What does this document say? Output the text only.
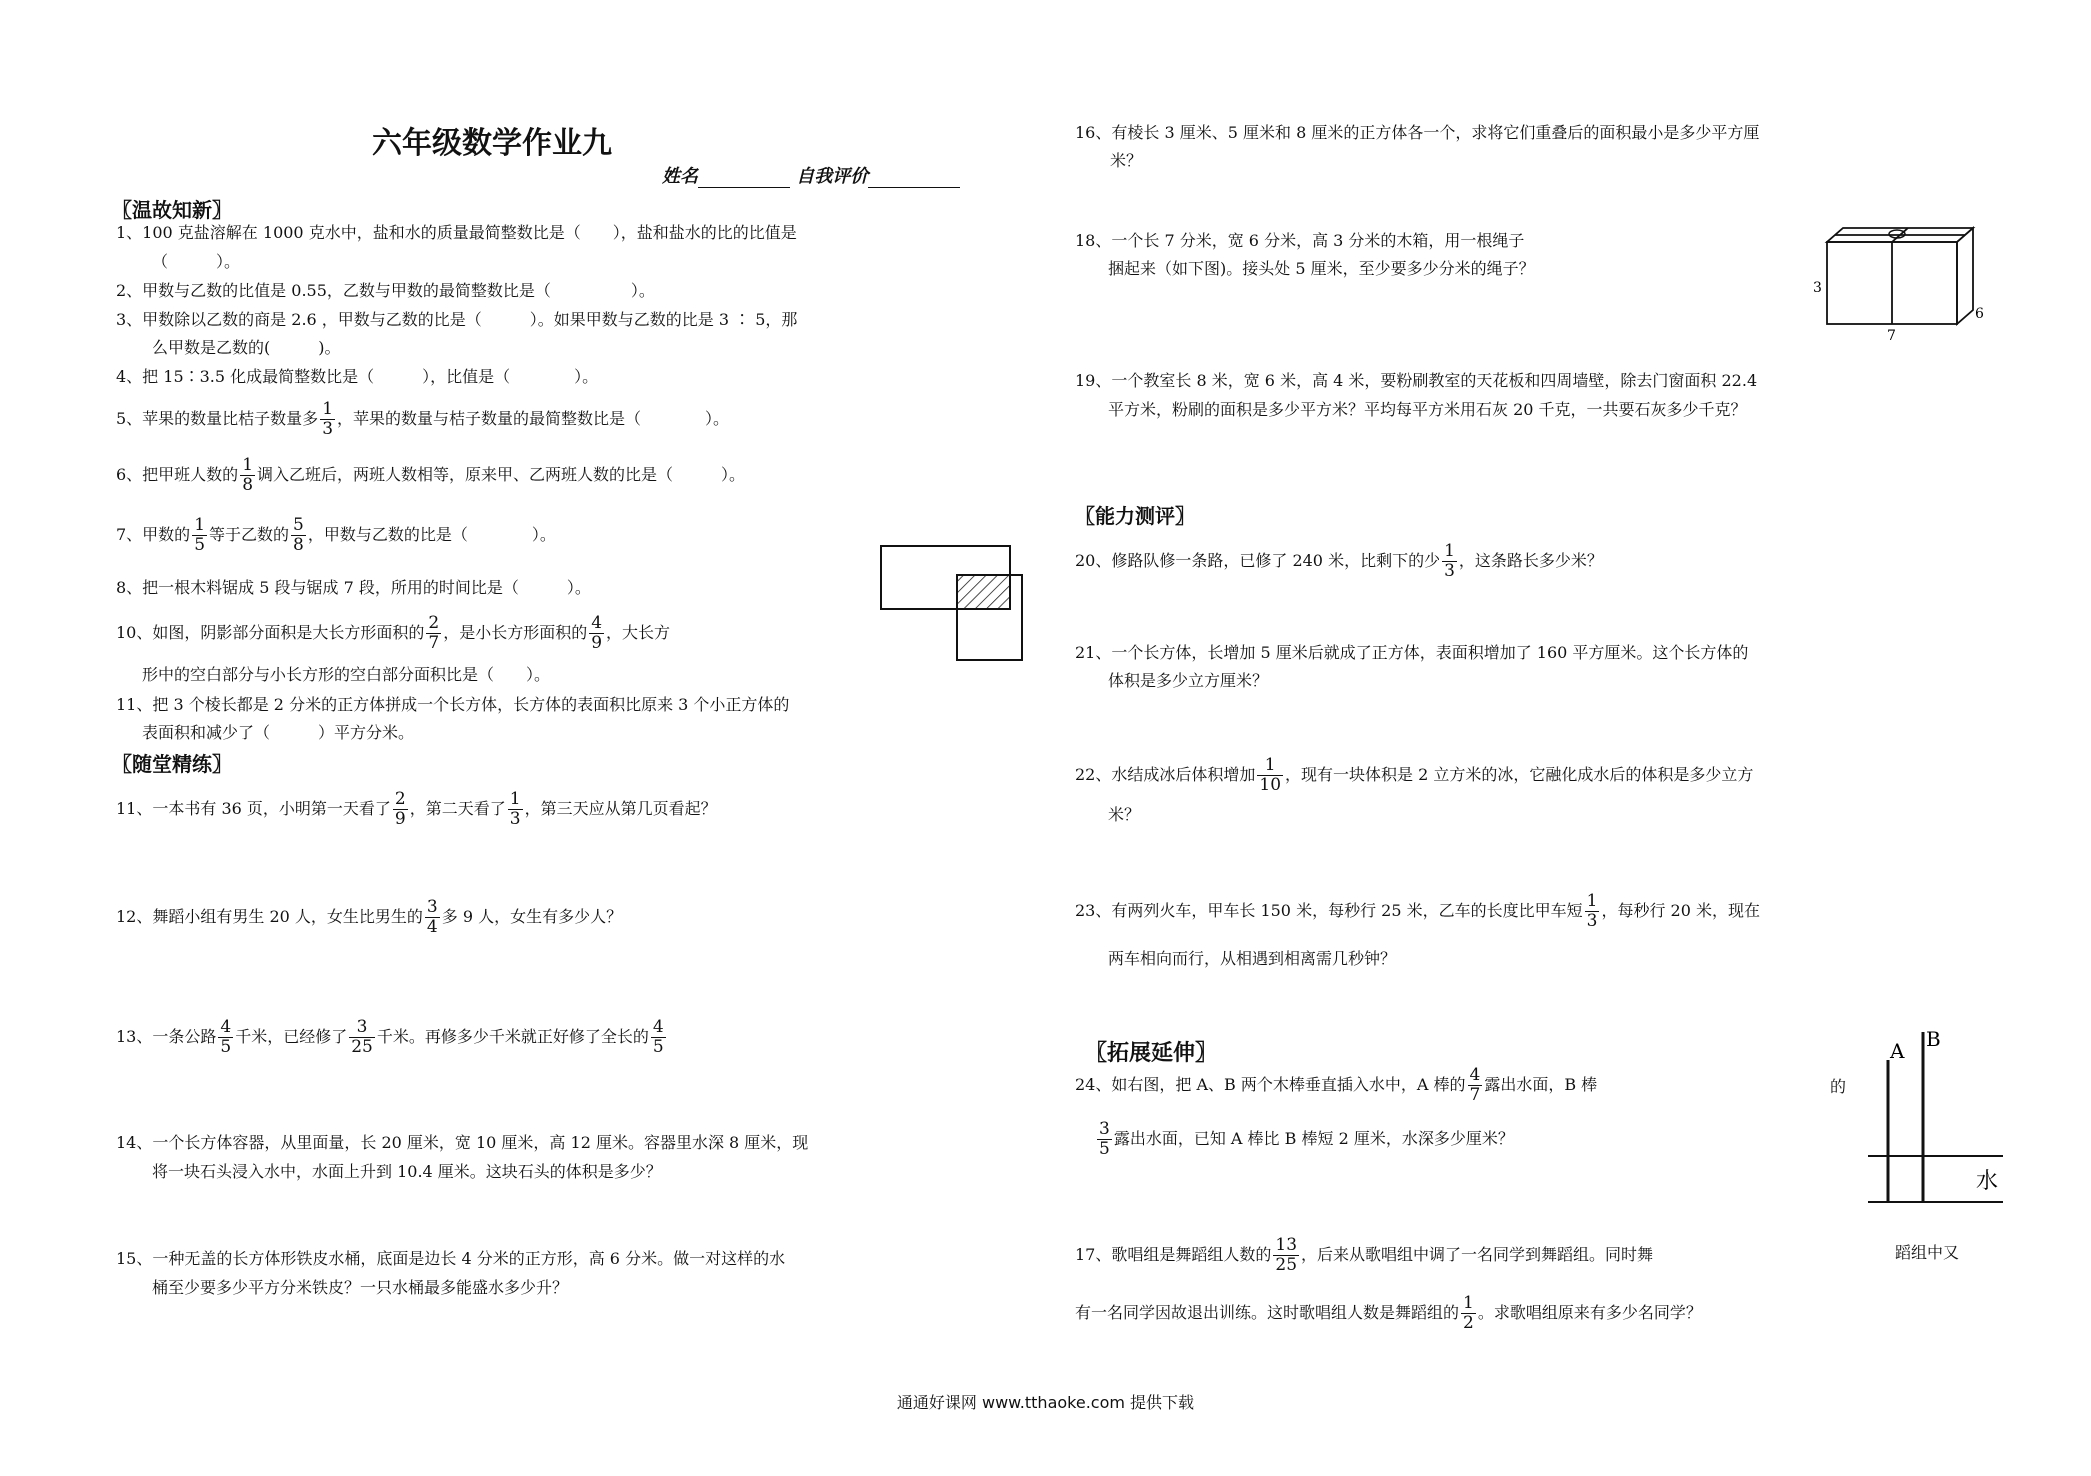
六年级数学作业九
姓名	自我评价
〖温故知新〗
1、100 克盐溶解在 1000 克水中，盐和水的质量最简整数比是（　　），盐和盐水的比的比值是
（　　　）。
2、甲数与乙数的比值是 0.55，乙数与甲数的最简整数比是（　　　　　）。
3、甲数除以乙数的商是 2.6 ，甲数与乙数的比是（　　　）。如果甲数与乙数的比是 3 ∶ 5，那
么甲数是乙数的(　　　)。
4、把 15∶3.5 化成最简整数比是（　　　），比值是（　　　　）。
5、苹果的数量比桔子数量多 $\frac{1}{3}$ ，苹果的数量与桔子数量的最简整数比是（　　　　）。
6、把甲班人数的 $\frac{1}{8}$ 调入乙班后，两班人数相等，原来甲、乙两班人数的比是（　　　）。
7、甲数的 $\frac{1}{5}$ 等于乙数的 $\frac{5}{8}$ ，甲数与乙数的比是（　　　　）。
8、把一根木料锯成 5 段与锯成 7 段，所用的时间比是（　　　）。
10、如图，阴影部分面积是大长方形面积的 $\frac{2}{7}$ ，是小长方形面积的 $\frac{4}{9}$ ，大长方
形中的空白部分与小长方形的空白部分面积比是（　　）。
11、把 3 个棱长都是 2 分米的正方体拼成一个长方体，长方体的表面积比原来 3 个小正方体的
表面积和减少了（　　　）平方分米。
〖随堂精练〗
11、一本书有 36 页，小明第一天看了 $\frac{2}{9}$ ，第二天看了 $\frac{1}{3}$ ，第三天应从第几页看起？
12、舞蹈小组有男生 20 人，女生比男生的 $\frac{3}{4}$ 多 9 人，女生有多少人？
13、一条公路 $\frac{4}{5}$ 千米，已经修了 $\frac{3}{25}$ 千米。再修多少千米就正好修了全长的 $\frac{4}{5}$
14、一个长方体容器，从里面量，长 20 厘米，宽 10 厘米，高 12 厘米。容器里水深 8 厘米，现
将一块石头浸入水中，水面上升到 10.4 厘米。这块石头的体积是多少？
15、一种无盖的长方体形铁皮水桶，底面是边长 4 分米的正方形，高 6 分米。做一对这样的水
桶至少要多少平方分米铁皮？一只水桶最多能盛水多少升？
16、有棱长 3 厘米、5 厘米和 8 厘米的正方体各一个，求将它们重叠后的面积最小是多少平方厘
米？
18、一个长 7 分米，宽 6 分米，高 3 分米的木箱，用一根绳子
捆起来（如下图)。接头处 5 厘米，至少要多少分米的绳子？
3
7
6
19、一个教室长 8 米，宽 6 米，高 4 米，要粉刷教室的天花板和四周墙壁，除去门窗面积 22.4
平方米，粉刷的面积是多少平方米？平均每平方米用石灰 20 千克，一共要石灰多少千克？
〖能力测评〗
20、修路队修一条路，已修了 240 米，比剩下的少 $\frac{1}{3}$ ，这条路长多少米？
21、一个长方体，长增加 5 厘米后就成了正方体，表面积增加了 160 平方厘米。这个长方体的
体积是多少立方厘米？
22、水结成冰后体积增加 $\frac{1}{10}$ ，现有一块体积是 2 立方米的冰，它融化成水后的体积是多少立方
米？
23、有两列火车，甲车长 150 米，每秒行 25 米，乙车的长度比甲车短 $\frac{1}{3}$ ，每秒行 20 米，现在
两车相向而行，从相遇到相离需几秒钟？
〖拓展延伸〗
24、如右图，把 A、B 两个木棒垂直插入水中，A 棒的 $\frac{4}{7}$ 露出水面，B 棒	的
$\frac{3}{5}$ 露出水面，已知 A 棒比 B 棒短 2 厘米，水深多少厘米？
A B
水
17、歌唱组是舞蹈组人数的 $\frac{13}{25}$ ，后来从歌唱组中调了一名同学到舞蹈组。同时舞	蹈组中又
有一名同学因故退出训练。这时歌唱组人数是舞蹈组的 $\frac{1}{2}$ 。求歌唱组原来有多少名同学？
通通好课网 www.tthaoke.com 提供下载
